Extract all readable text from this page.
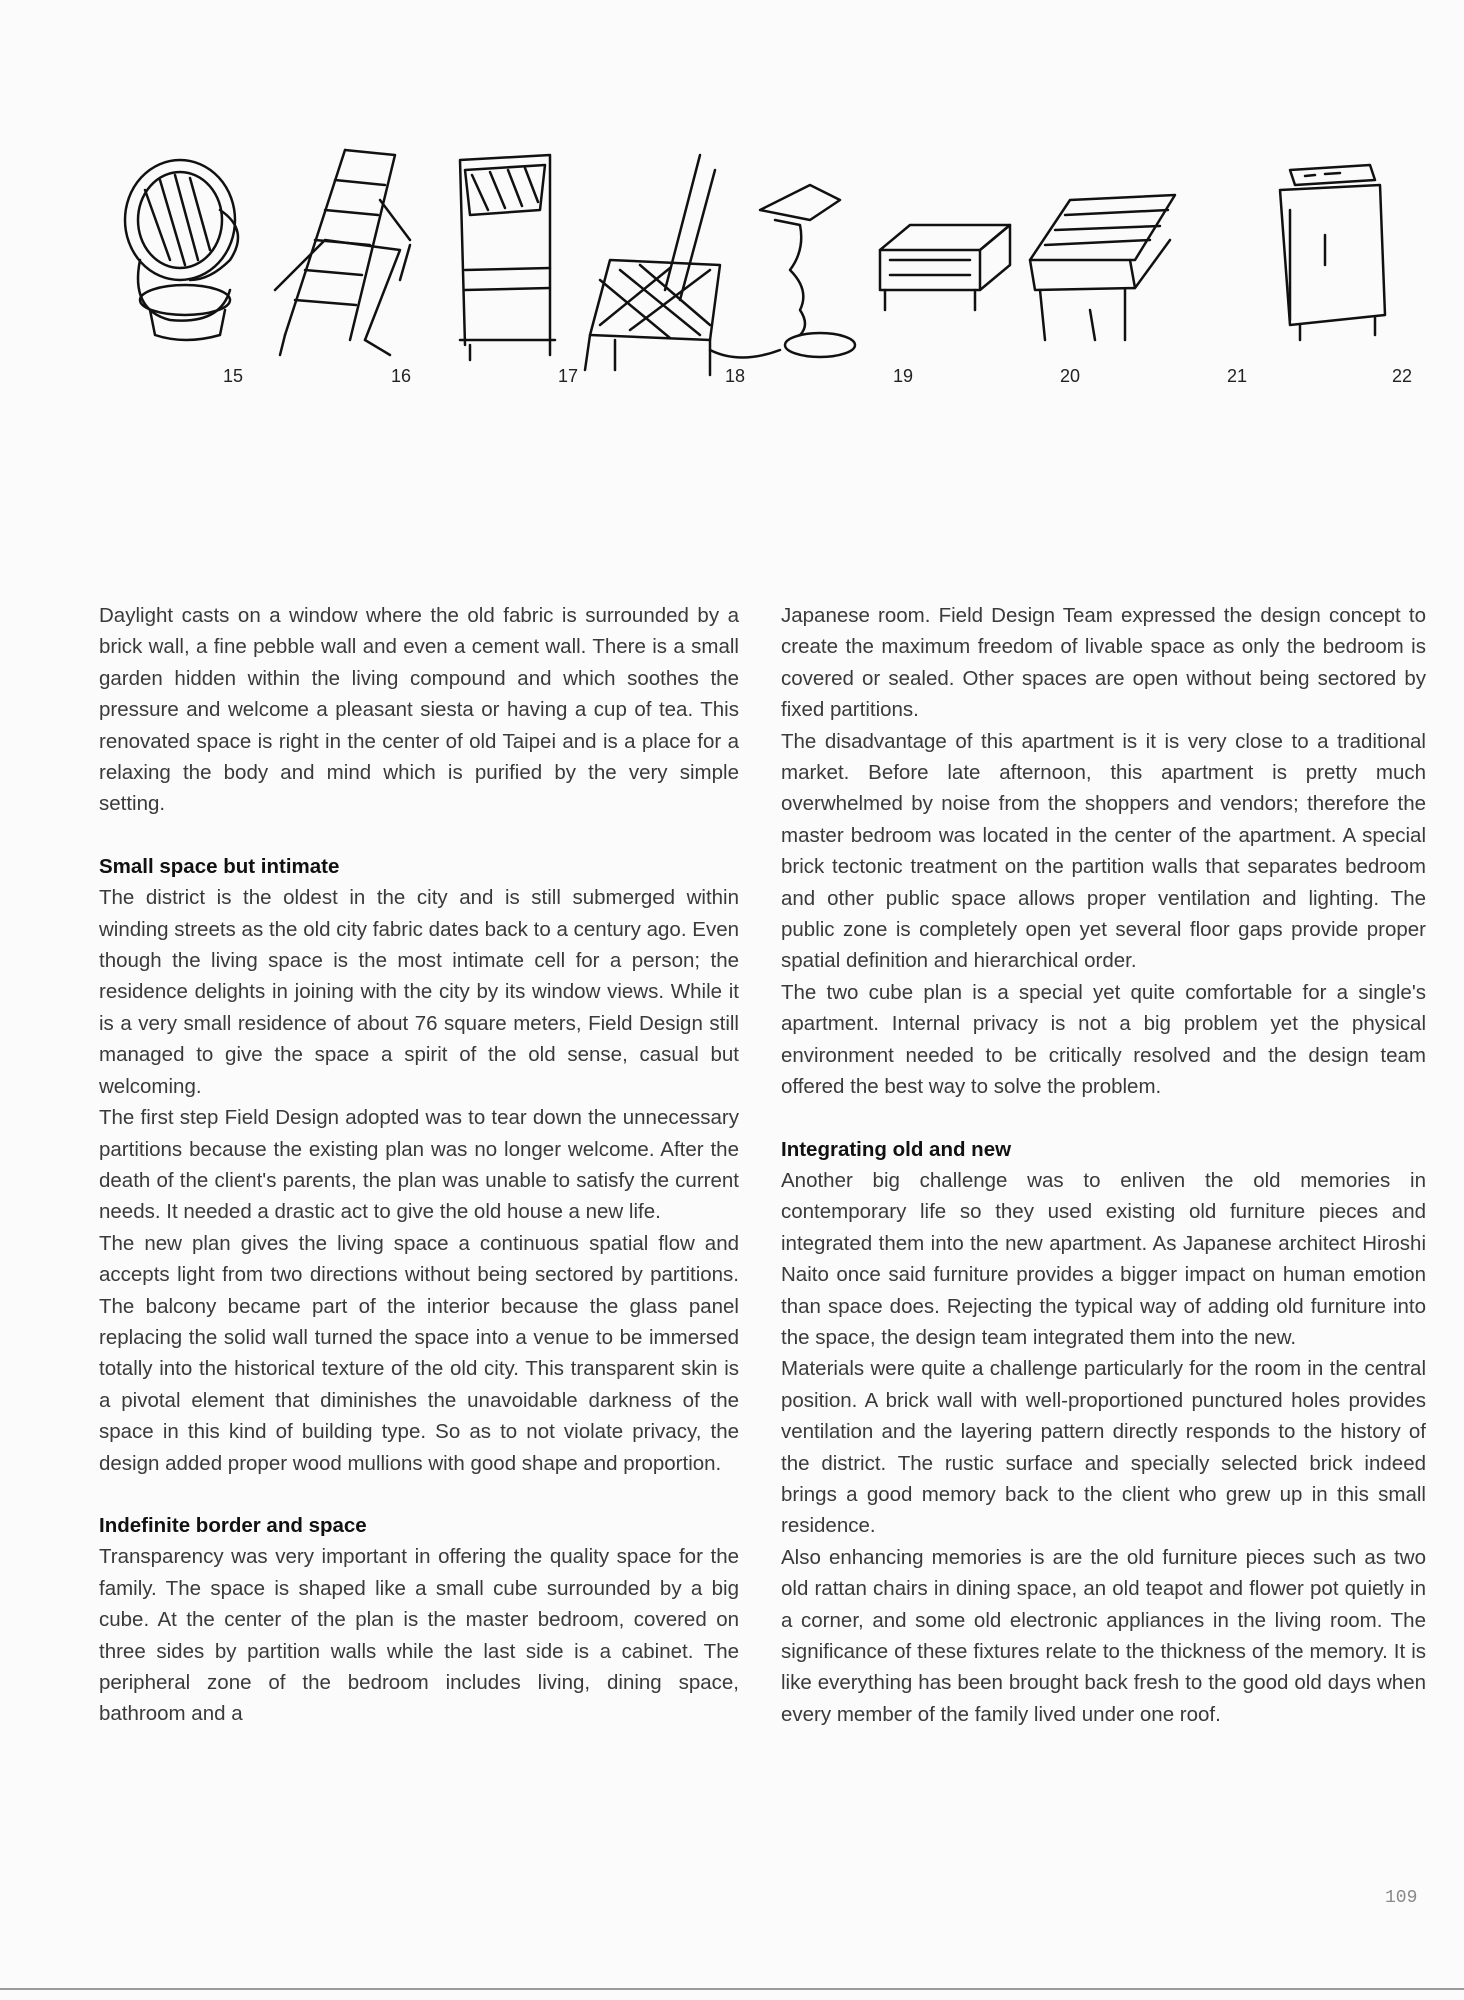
15	16	17	18	19	20	21	22

Daylight casts on a window where the old fabric is surrounded by a brick wall, a fine pebble wall and even a cement wall. There is a small garden hidden within the living compound and which soothes the pressure and welcome a pleasant siesta or having a cup of tea. This renovated space is right in the center of old Taipei and is a place for a relaxing the body and mind which is purified by the very simple setting.

Small space but intimate

The district is the oldest in the city and is still submerged within winding streets as the old city fabric dates back to a century ago. Even though the living space is the most intimate cell for a person; the residence delights in joining with the city by its window views. While it is a very small residence of about 76 square meters, Field Design still managed to give the space a spirit of the old sense, casual but welcoming.

The first step Field Design adopted was to tear down the unnecessary partitions because the existing plan was no longer welcome. After the death of the client's parents, the plan was unable to satisfy the current needs. It needed a drastic act to give the old house a new life.

The new plan gives the living space a continuous spatial flow and accepts light from two directions without being sectored by partitions. The balcony became part of the interior because the glass panel replacing the solid wall turned the space into a venue to be immersed totally into the historical texture of the old city. This transparent skin is a pivotal element that diminishes the unavoidable darkness of the space in this kind of building type. So as to not violate privacy, the design added proper wood mullions with good shape and proportion.

Indefinite border and space

Transparency was very important in offering the quality space for the family. The space is shaped like a small cube surrounded by a big cube. At the center of the plan is the master bedroom, covered on three sides by partition walls while the last side is a cabinet. The peripheral zone of the bedroom includes living, dining space, bathroom and a

Japanese room. Field Design Team expressed the design concept to create the maximum freedom of livable space as only the bedroom is covered or sealed. Other spaces are open without being sectored by fixed partitions.

The disadvantage of this apartment is it is very close to a traditional market. Before late afternoon, this apartment is pretty much overwhelmed by noise from the shoppers and vendors; therefore the master bedroom was located in the center of the apartment. A special brick tectonic treatment on the partition walls that separates bedroom and other public space allows proper ventilation and lighting. The public zone is completely open yet several floor gaps provide proper spatial definition and hierarchical order.

The two cube plan is a special yet quite comfortable for a single's apartment. Internal privacy is not a big problem yet the physical environment needed to be critically resolved and the design team offered the best way to solve the problem.

Integrating old and new

Another big challenge was to enliven the old memories in contemporary life so they used existing old furniture pieces and integrated them into the new apartment. As Japanese architect Hiroshi Naito once said furniture provides a bigger impact on human emotion than space does. Rejecting the typical way of adding old furniture into the space, the design team integrated them into the new.

Materials were quite a challenge particularly for the room in the central position. A brick wall with well-proportioned punctured holes provides ventilation and the layering pattern directly responds to the history of the district. The rustic surface and specially selected brick indeed brings a good memory back to the client who grew up in this small residence.

Also enhancing memories is are the old furniture pieces such as two old rattan chairs in dining space, an old teapot and flower pot quietly in a corner, and some old electronic appliances in the living room. The significance of these fixtures relate to the thickness of the memory. It is like everything has been brought back fresh to the good old days when every member of the family lived under one roof.

109
